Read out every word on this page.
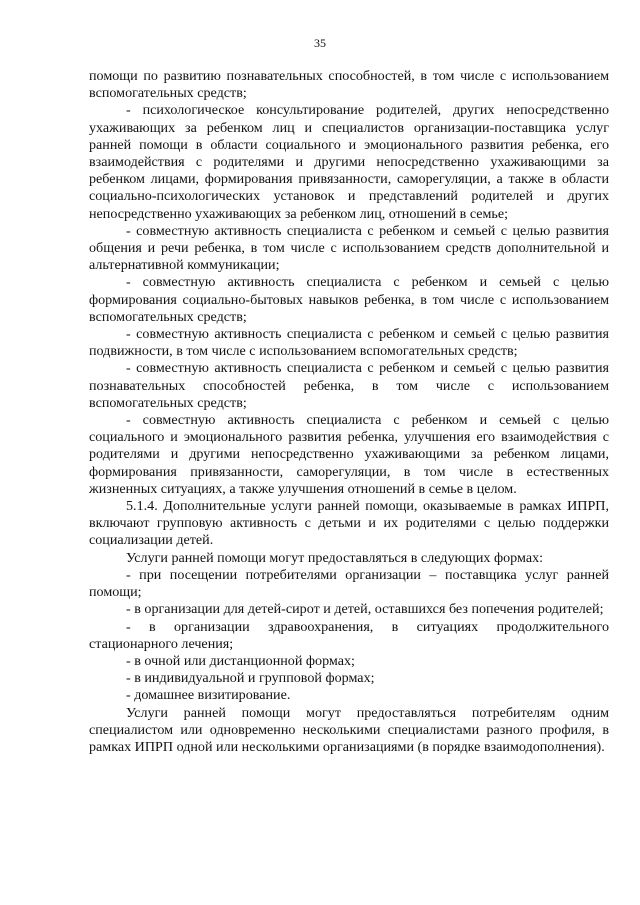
35

помощи по развитию познавательных способностей, в том числе с использованием вспомогательных средств;

- психологическое консультирование родителей, других непосредственно ухаживающих за ребенком лиц и специалистов организации-поставщика услуг ранней помощи в области социального и эмоционального развития ребенка, его взаимодействия с родителями и другими непосредственно ухаживающими за ребенком лицами, формирования привязанности, саморегуляции, а также в области социально-психологических установок и представлений родителей и других непосредственно ухаживающих за ребенком лиц, отношений в семье;

- совместную активность специалиста с ребенком и семьей с целью развития общения и речи ребенка, в том числе с использованием средств дополнительной и альтернативной коммуникации;

- совместную активность специалиста с ребенком и семьей с целью формирования социально-бытовых навыков ребенка, в том числе с использованием вспомогательных средств;

- совместную активность специалиста с ребенком и семьей с целью развития подвижности, в том числе с использованием вспомогательных средств;

- совместную активность специалиста с ребенком и семьей с целью развития познавательных способностей ребенка, в том числе с использованием вспомогательных средств;

- совместную активность специалиста с ребенком и семьей с целью социального и эмоционального развития ребенка, улучшения его взаимодействия с родителями и другими непосредственно ухаживающими за ребенком лицами, формирования привязанности, саморегуляции, в том числе в естественных жизненных ситуациях, а также улучшения отношений в семье в целом.

5.1.4. Дополнительные услуги ранней помощи, оказываемые в рамках ИПРП, включают групповую активность с детьми и их родителями с целью поддержки социализации детей.

Услуги ранней помощи могут предоставляться в следующих формах:

- при посещении потребителями организации – поставщика услуг ранней помощи;

- в организации для детей-сирот и детей, оставшихся без попечения родителей;

- в организации здравоохранения, в ситуациях продолжительного стационарного лечения;

- в очной или дистанционной формах;

- в индивидуальной и групповой формах;

- домашнее визитирование.

Услуги ранней помощи могут предоставляться потребителям одним специалистом или одновременно несколькими специалистами разного профиля, в рамках ИПРП одной или несколькими организациями (в порядке взаимодополнения).
